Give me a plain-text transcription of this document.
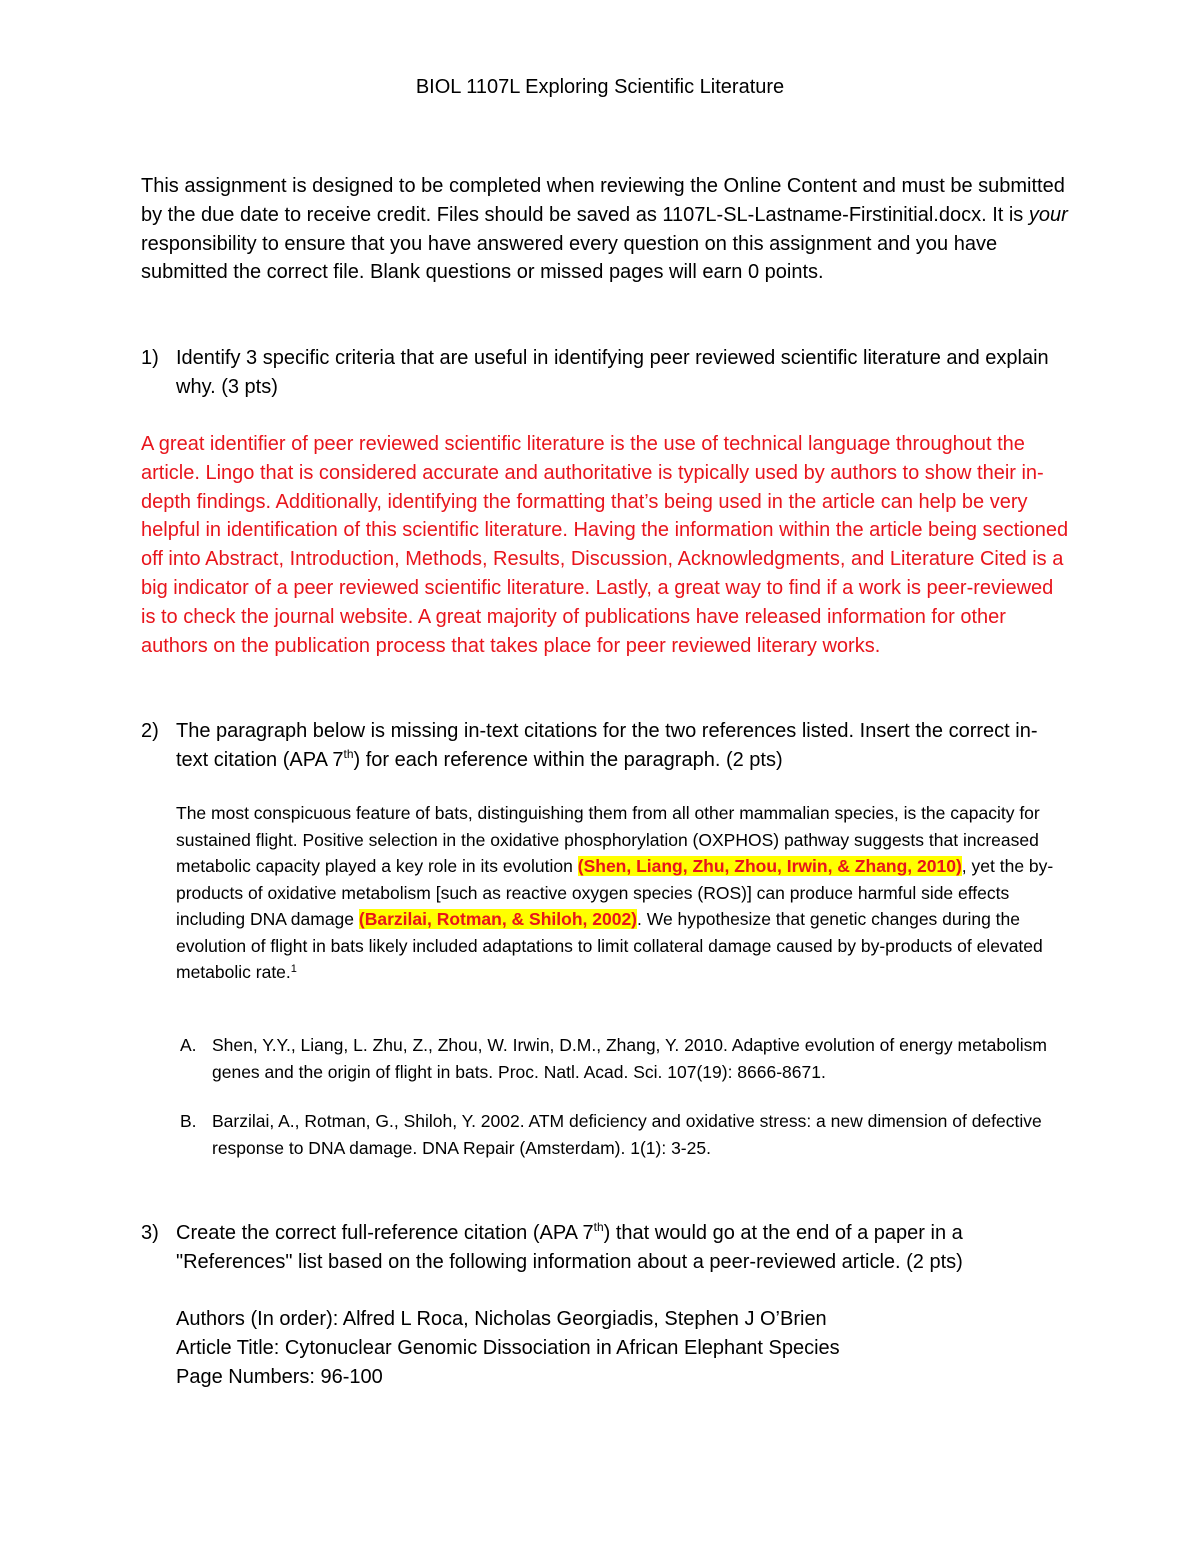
BIOL 1107L Exploring Scientific Literature
This assignment is designed to be completed when reviewing the Online Content and must be submitted by the due date to receive credit. Files should be saved as 1107L-SL-Lastname-Firstinitial.docx. It is your responsibility to ensure that you have answered every question on this assignment and you have submitted the correct file. Blank questions or missed pages will earn 0 points.
1) Identify 3 specific criteria that are useful in identifying peer reviewed scientific literature and explain why. (3 pts)
A great identifier of peer reviewed scientific literature is the use of technical language throughout the article. Lingo that is considered accurate and authoritative is typically used by authors to show their in-depth findings. Additionally, identifying the formatting that’s being used in the article can help be very helpful in identification of this scientific literature. Having the information within the article being sectioned off into Abstract, Introduction, Methods, Results, Discussion, Acknowledgments, and Literature Cited is a big indicator of a peer reviewed scientific literature. Lastly, a great way to find if a work is peer-reviewed is to check the journal website. A great majority of publications have released information for other authors on the publication process that takes place for peer reviewed literary works.
2) The paragraph below is missing in-text citations for the two references listed. Insert the correct in-text citation (APA 7th) for each reference within the paragraph. (2 pts)
The most conspicuous feature of bats, distinguishing them from all other mammalian species, is the capacity for sustained flight. Positive selection in the oxidative phosphorylation (OXPHOS) pathway suggests that increased metabolic capacity played a key role in its evolution (Shen, Liang, Zhu, Zhou, Irwin, & Zhang, 2010), yet the by-products of oxidative metabolism [such as reactive oxygen species (ROS)] can produce harmful side effects including DNA damage (Barzilai, Rotman, & Shiloh, 2002). We hypothesize that genetic changes during the evolution of flight in bats likely included adaptations to limit collateral damage caused by by-products of elevated metabolic rate.$^1$
A. Shen, Y.Y., Liang, L. Zhu, Z., Zhou, W. Irwin, D.M., Zhang, Y. 2010. Adaptive evolution of energy metabolism genes and the origin of flight in bats. Proc. Natl. Acad. Sci. 107(19): 8666-8671.
B. Barzilai, A., Rotman, G., Shiloh, Y. 2002. ATM deficiency and oxidative stress: a new dimension of defective response to DNA damage. DNA Repair (Amsterdam). 1(1): 3-25.
3) Create the correct full-reference citation (APA 7th) that would go at the end of a paper in a "References" list based on the following information about a peer-reviewed article. (2 pts)
Authors (In order): Alfred L Roca, Nicholas Georgiadis, Stephen J O’Brien
Article Title: Cytonuclear Genomic Dissociation in African Elephant Species
Page Numbers: 96-100
